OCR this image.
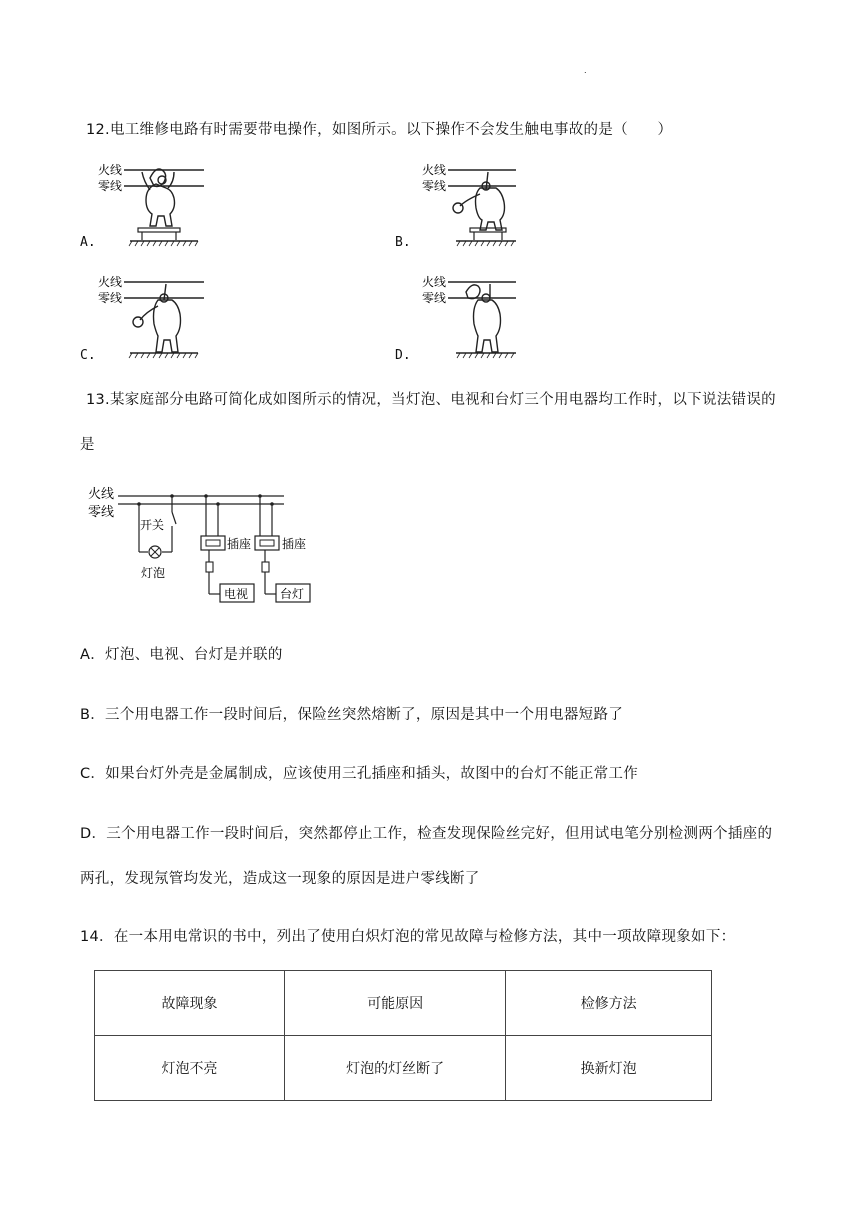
.
12.电工维修电路有时需要带电操作，如图所示。以下操作不会发生触电事故的是（　　）
火线
零线
A.
火线
零线
B.
火线
零线
C.
火线
零线
D.
13.某家庭部分电路可简化成如图所示的情况，当灯泡、电视和台灯三个用电器均工作时，以下说法错误的
是
火线
零线
开关
灯泡
插座
电视
插座
台灯
A．灯泡、电视、台灯是并联的
B．三个用电器工作一段时间后，保险丝突然熔断了，原因是其中一个用电器短路了
C．如果台灯外壳是金属制成，应该使用三孔插座和插头，故图中的台灯不能正常工作
D．三个用电器工作一段时间后，突然都停止工作，检查发现保险丝完好，但用试电笔分别检测两个插座的
两孔，发现氖管均发光，造成这一现象的原因是进户零线断了
14．在一本用电常识的书中，列出了使用白炽灯泡的常见故障与检修方法，其中一项故障现象如下：
故障现象	可能原因	检修方法
灯泡不亮	灯泡的灯丝断了	换新灯泡
